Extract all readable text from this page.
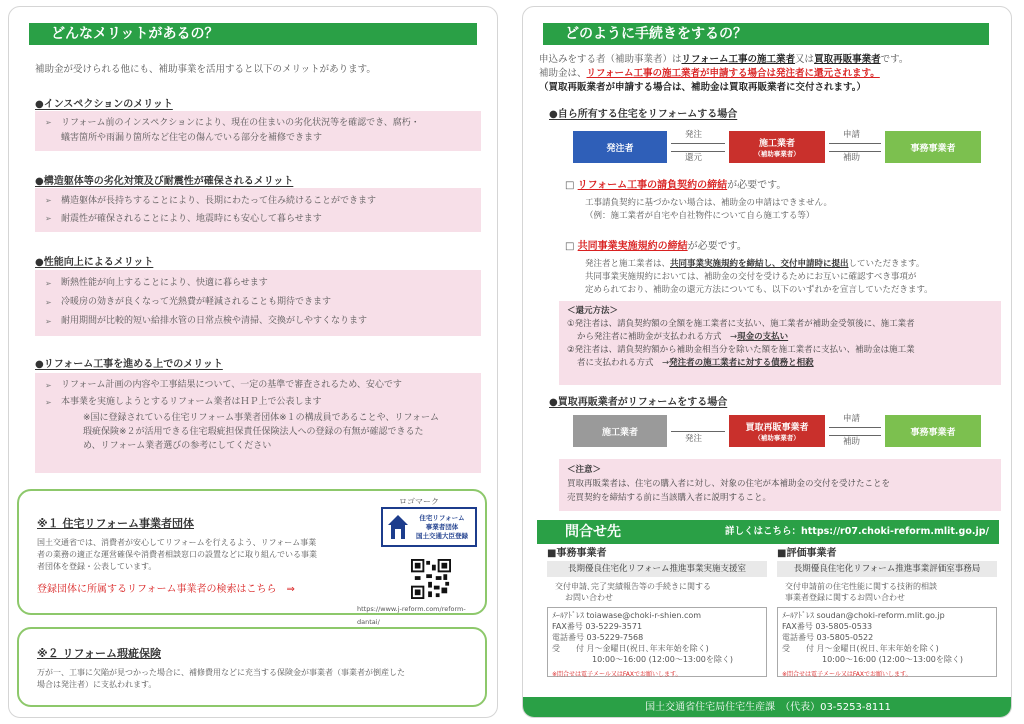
どんなメリットがあるの？
補助金が受けられる他にも、補助事業を活用すると以下のメリットがあります。
●インスペクションのメリット
➢ リフォーム前のインスペクションにより、現在の住まいの劣化状況等を確認でき、腐朽・
蟻害箇所や雨漏り箇所など住宅の傷んでいる部分を補修できます
●構造躯体等の劣化対策及び耐震性が確保されるメリット
➢ 構造躯体が長持ちすることにより、長期にわたって住み続けることができます
➢ 耐震性が確保されることにより、地震時にも安心して暮らせます
●性能向上によるメリット
➢ 断熱性能が向上することにより、快適に暮らせます
➢ 冷暖房の効きが良くなって光熱費が軽減されることも期待できます
➢ 耐用期間が比較的短い給排水管の日常点検や清掃、交換がしやすくなります
●リフォーム工事を進める上でのメリット
➢ リフォーム計画の内容や工事結果について、一定の基準で審査されるため、安心です
➢ 本事業を実施しようとするリフォーム業者はＨＰ上で公表します
※国に登録されている住宅リフォーム事業者団体※１の構成員であることや、リフォーム
瑕疵保険※２が活用できる住宅瑕疵担保責任保険法人への登録の有無が確認できるた
め、リフォーム業者選びの参考にしてください
※１ 住宅リフォーム事業者団体
国土交通省では、消費者が安心してリフォームを行えるよう、リフォーム事業
者の業務の適正な運営確保や消費者相談窓口の設置などに取り組んでいる事業
者団体を登録・公表しています。
登録団体に所属するリフォーム事業者の検索はこちら　⇒
ロゴマーク
住宅リフォーム
事業者団体
国土交通大臣登録
https://www.j-reform.com/reform-dantai/
※２ リフォーム瑕疵保険
万が一、工事に欠陥が見つかった場合に、補修費用などに充当する保険金が事業者（事業者が倒産した
場合は発注者）に支払われます。
どのように手続きをするの？
申込みをする者（補助事業者）はリフォーム工事の施工業者又は買取再販事業者です。
補助金は、リフォーム工事の施工業者が申請する場合は発注者に還元されます。
（買取再販業者が申請する場合は、補助金は買取再販業者に交付されます。）
●自ら所有する住宅をリフォームする場合
発注者	施工業者
（補助事業者）
事務事業者
発注
還元
申請
補助
□ リフォーム工事の請負契約の締結が必要です。
工事請負契約に基づかない場合は、補助金の申請はできません。
（例：施工業者が自宅や自社物件について自ら施工する等）
□ 共同事業実施規約の締結が必要です。
発注者と施工業者は、共同事業実施規約を締結し、交付申請時に提出していただきます。
共同事業実施規約においては、補助金の交付を受けるためにお互いに確認すべき事項が
定められており、補助金の還元方法についても、以下のいずれかを宣言していただきます。
＜還元方法＞
①発注者は、請負契約額の全額を施工業者に支払い、施工業者が補助金受領後に、施工業者
から発注者に補助金が支払われる方式　→現金の支払い
②発注者は、請負契約額から補助金相当分を除いた額を施工業者に支払い、補助金は施工業
者に支払われる方式　→発注者の施工業者に対する債務と相殺
●買取再販業者がリフォームをする場合
施工業者	買取再販事業者
（補助事業者）
事務事業者
発注
申請
補助
＜注意＞
買取再販業者は、住宅の購入者に対し、対象の住宅が本補助金の交付を受けたことを
売買契約を締結する前に当該購入者に説明すること。
問合せ先	詳しくはこちら：https://r07.choki-reform.mlit.go.jp/
■事務事業者
長期優良住宅化リフォーム推進事業実施支援室
交付申請､完了実績報告等の手続きに関する
お問い合わせ
ﾒｰﾙｱﾄﾞﾚｽ toiawase@choki-r-shien.com
FAX番号 03-5229-3571
電話番号 03-5229-7568
受　　付 月～金曜日(祝日､年末年始を除く)
10:00～16:00 (12:00～13:00を除く)
※問合せは電子メール又はFAXでお願いします。
■評価事業者
長期優良住宅化リフォーム推進事業評価室事務局
交付申請前の住宅性能に関する技術的相談
事業者登録に関するお問い合わせ
ﾒｰﾙｱﾄﾞﾚｽ soudan@choki-reform.mlit.go.jp
FAX番号 03-5805-0533
電話番号 03-5805-0522
受　　付 月～金曜日(祝日､年末年始を除く)
10:00～16:00 (12:00～13:00を除く)
※問合せは電子メール又はFAXでお願いします。
国土交通省住宅局住宅生産課　（代表）03-5253-8111
